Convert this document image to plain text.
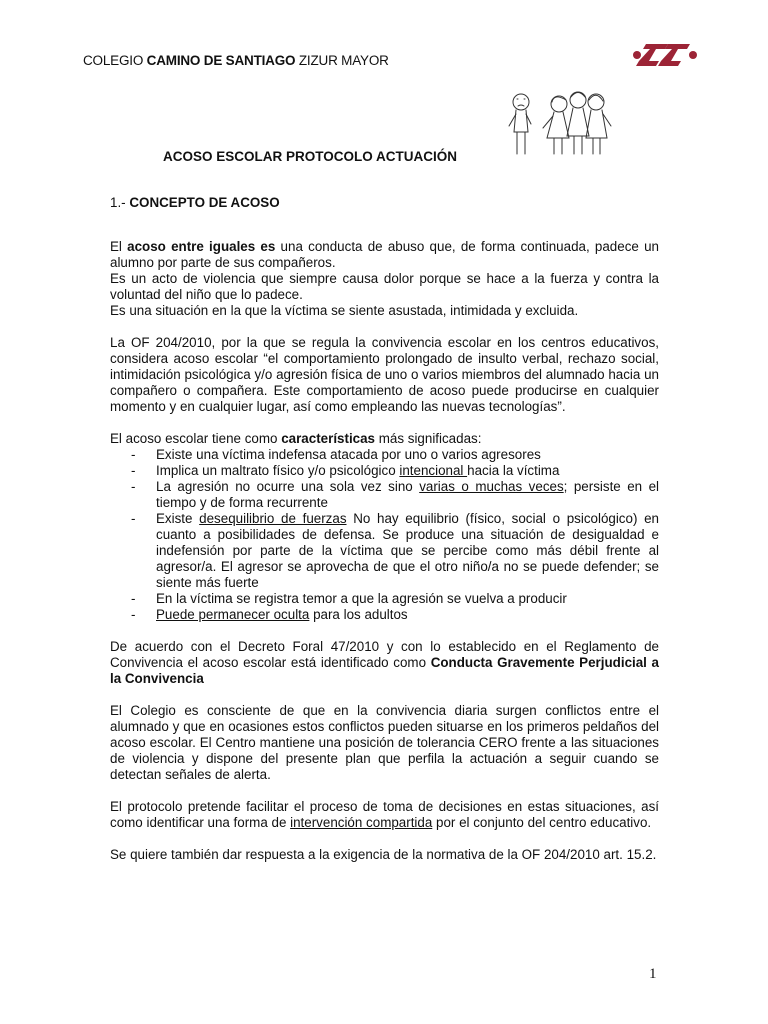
COLEGIO CAMINO DE SANTIAGO ZIZUR MAYOR
ACOSO ESCOLAR PROTOCOLO ACTUACIÓN

1.- CONCEPTO DE ACOSO

El acoso entre iguales es una conducta de abuso que, de forma continuada, padece un alumno por parte de sus compañeros.

Es un acto de violencia que siempre causa dolor porque se hace a la fuerza y contra la voluntad del niño que lo padece.

Es una situación en la que la víctima se siente asustada, intimidada y excluida.

La OF 204/2010, por la que se regula la convivencia escolar en los centros educativos, considera acoso escolar “el comportamiento prolongado de insulto verbal, rechazo social, intimidación psicológica y/o agresión física de uno o varios miembros del alumnado hacia un compañero o compañera. Este comportamiento de acoso puede producirse en cualquier momento y en cualquier lugar, así como empleando las nuevas tecnologías”.

El acoso escolar tiene como características más significadas:

- Existe una víctima indefensa atacada por uno o varios agresores
- Implica un maltrato físico y/o psicológico intencional hacia la víctima
- La agresión no ocurre una sola vez sino varias o muchas veces; persiste en el tiempo y de forma recurrente
- Existe desequilibrio de fuerzas No hay equilibrio (físico, social o psicológico) en cuanto a posibilidades de defensa. Se produce una situación de desigualdad e indefensión por parte de la víctima que se percibe como más débil frente al agresor/a. El agresor se aprovecha de que el otro niño/a no se puede defender; se siente más fuerte
- En la víctima se registra temor a que la agresión se vuelva a producir
- Puede permanecer oculta para los adultos

De acuerdo con el Decreto Foral 47/2010 y con lo establecido en el Reglamento de Convivencia el acoso escolar está identificado como Conducta Gravemente Perjudicial a la Convivencia

El Colegio es consciente de que en la convivencia diaria surgen conflictos entre el alumnado y que en ocasiones estos conflictos pueden situarse en los primeros peldaños del acoso escolar. El Centro mantiene una posición de tolerancia CERO frente a las situaciones de violencia y dispone del presente plan que perfila la actuación a seguir cuando se detectan señales de alerta.

El protocolo pretende facilitar el proceso de toma de decisiones en estas situaciones, así como identificar una forma de intervención compartida por el conjunto del centro educativo.

Se quiere también dar respuesta a la exigencia de la normativa de la OF 204/2010 art. 15.2.

1
